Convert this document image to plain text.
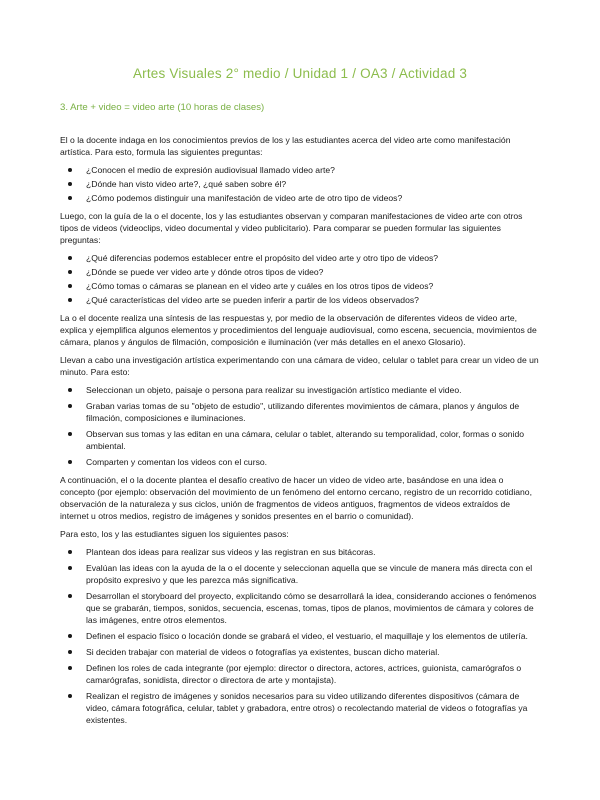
Artes Visuales 2° medio / Unidad 1 / OA3 / Actividad 3
3. Arte + video = video arte (10 horas de clases)

El o la docente indaga en los conocimientos previos de los y las estudiantes acerca del video arte como manifestación artística. Para esto, formula las siguientes preguntas:

¿Conocen el medio de expresión audiovisual llamado video arte?
¿Dónde han visto video arte?, ¿qué saben sobre él?
¿Cómo podemos distinguir una manifestación de video arte de otro tipo de videos?

Luego, con la guía de la o el docente, los y las estudiantes observan y comparan manifestaciones de video arte con otros tipos de videos (videoclips, video documental y video publicitario). Para comparar se pueden formular las siguientes preguntas:

¿Qué diferencias podemos establecer entre el propósito del video arte y otro tipo de videos?
¿Dónde se puede ver video arte y dónde otros tipos de video?
¿Cómo tomas o cámaras se planean en el video arte y cuáles en los otros tipos de videos?
¿Qué características del video arte se pueden inferir a partir de los videos observados?

La o el docente realiza una síntesis de las respuestas y, por medio de la observación de diferentes videos de video arte, explica y ejemplifica algunos elementos y procedimientos del lenguaje audiovisual, como escena, secuencia, movimientos de cámara, planos y ángulos de filmación, composición e iluminación (ver más detalles en el anexo Glosario).

Llevan a cabo una investigación artística experimentando con una cámara de video, celular o tablet para crear un video de un minuto. Para esto:

Seleccionan un objeto, paisaje o persona para realizar su investigación artístico mediante el video.
Graban varias tomas de su "objeto de estudio", utilizando diferentes movimientos de cámara, planos y ángulos de filmación, composiciones e iluminaciones.
Observan sus tomas y las editan en una cámara, celular o tablet, alterando su temporalidad, color, formas o sonido ambiental.
Comparten y comentan los videos con el curso.

A continuación, el o la docente plantea el desafío creativo de hacer un video de video arte, basándose en una idea o concepto (por ejemplo: observación del movimiento de un fenómeno del entorno cercano, registro de un recorrido cotidiano, observación de la naturaleza y sus ciclos, unión de fragmentos de videos antiguos, fragmentos de videos extraídos de internet u otros medios, registro de imágenes y sonidos presentes en el barrio o comunidad).

Para esto, los y las estudiantes siguen los siguientes pasos:

Plantean dos ideas para realizar sus videos y las registran en sus bitácoras.
Evalúan las ideas con la ayuda de la o el docente y seleccionan aquella que se vincule de manera más directa con el propósito expresivo y que les parezca más significativa.
Desarrollan el storyboard del proyecto, explicitando cómo se desarrollará la idea, considerando acciones o fenómenos que se grabarán, tiempos, sonidos, secuencia, escenas, tomas, tipos de planos, movimientos de cámara y colores de las imágenes, entre otros elementos.
Definen el espacio físico o locación donde se grabará el video, el vestuario, el maquillaje y los elementos de utilería.
Si deciden trabajar con material de videos o fotografías ya existentes, buscan dicho material.
Definen los roles de cada integrante (por ejemplo: director o directora, actores, actrices, guionista, camarógrafos o camarógrafas, sonidista, director o directora de arte y montajista).
Realizan el registro de imágenes y sonidos necesarios para su video utilizando diferentes dispositivos (cámara de video, cámara fotográfica, celular, tablet y grabadora, entre otros) o recolectando material de videos o fotografías ya existentes.
